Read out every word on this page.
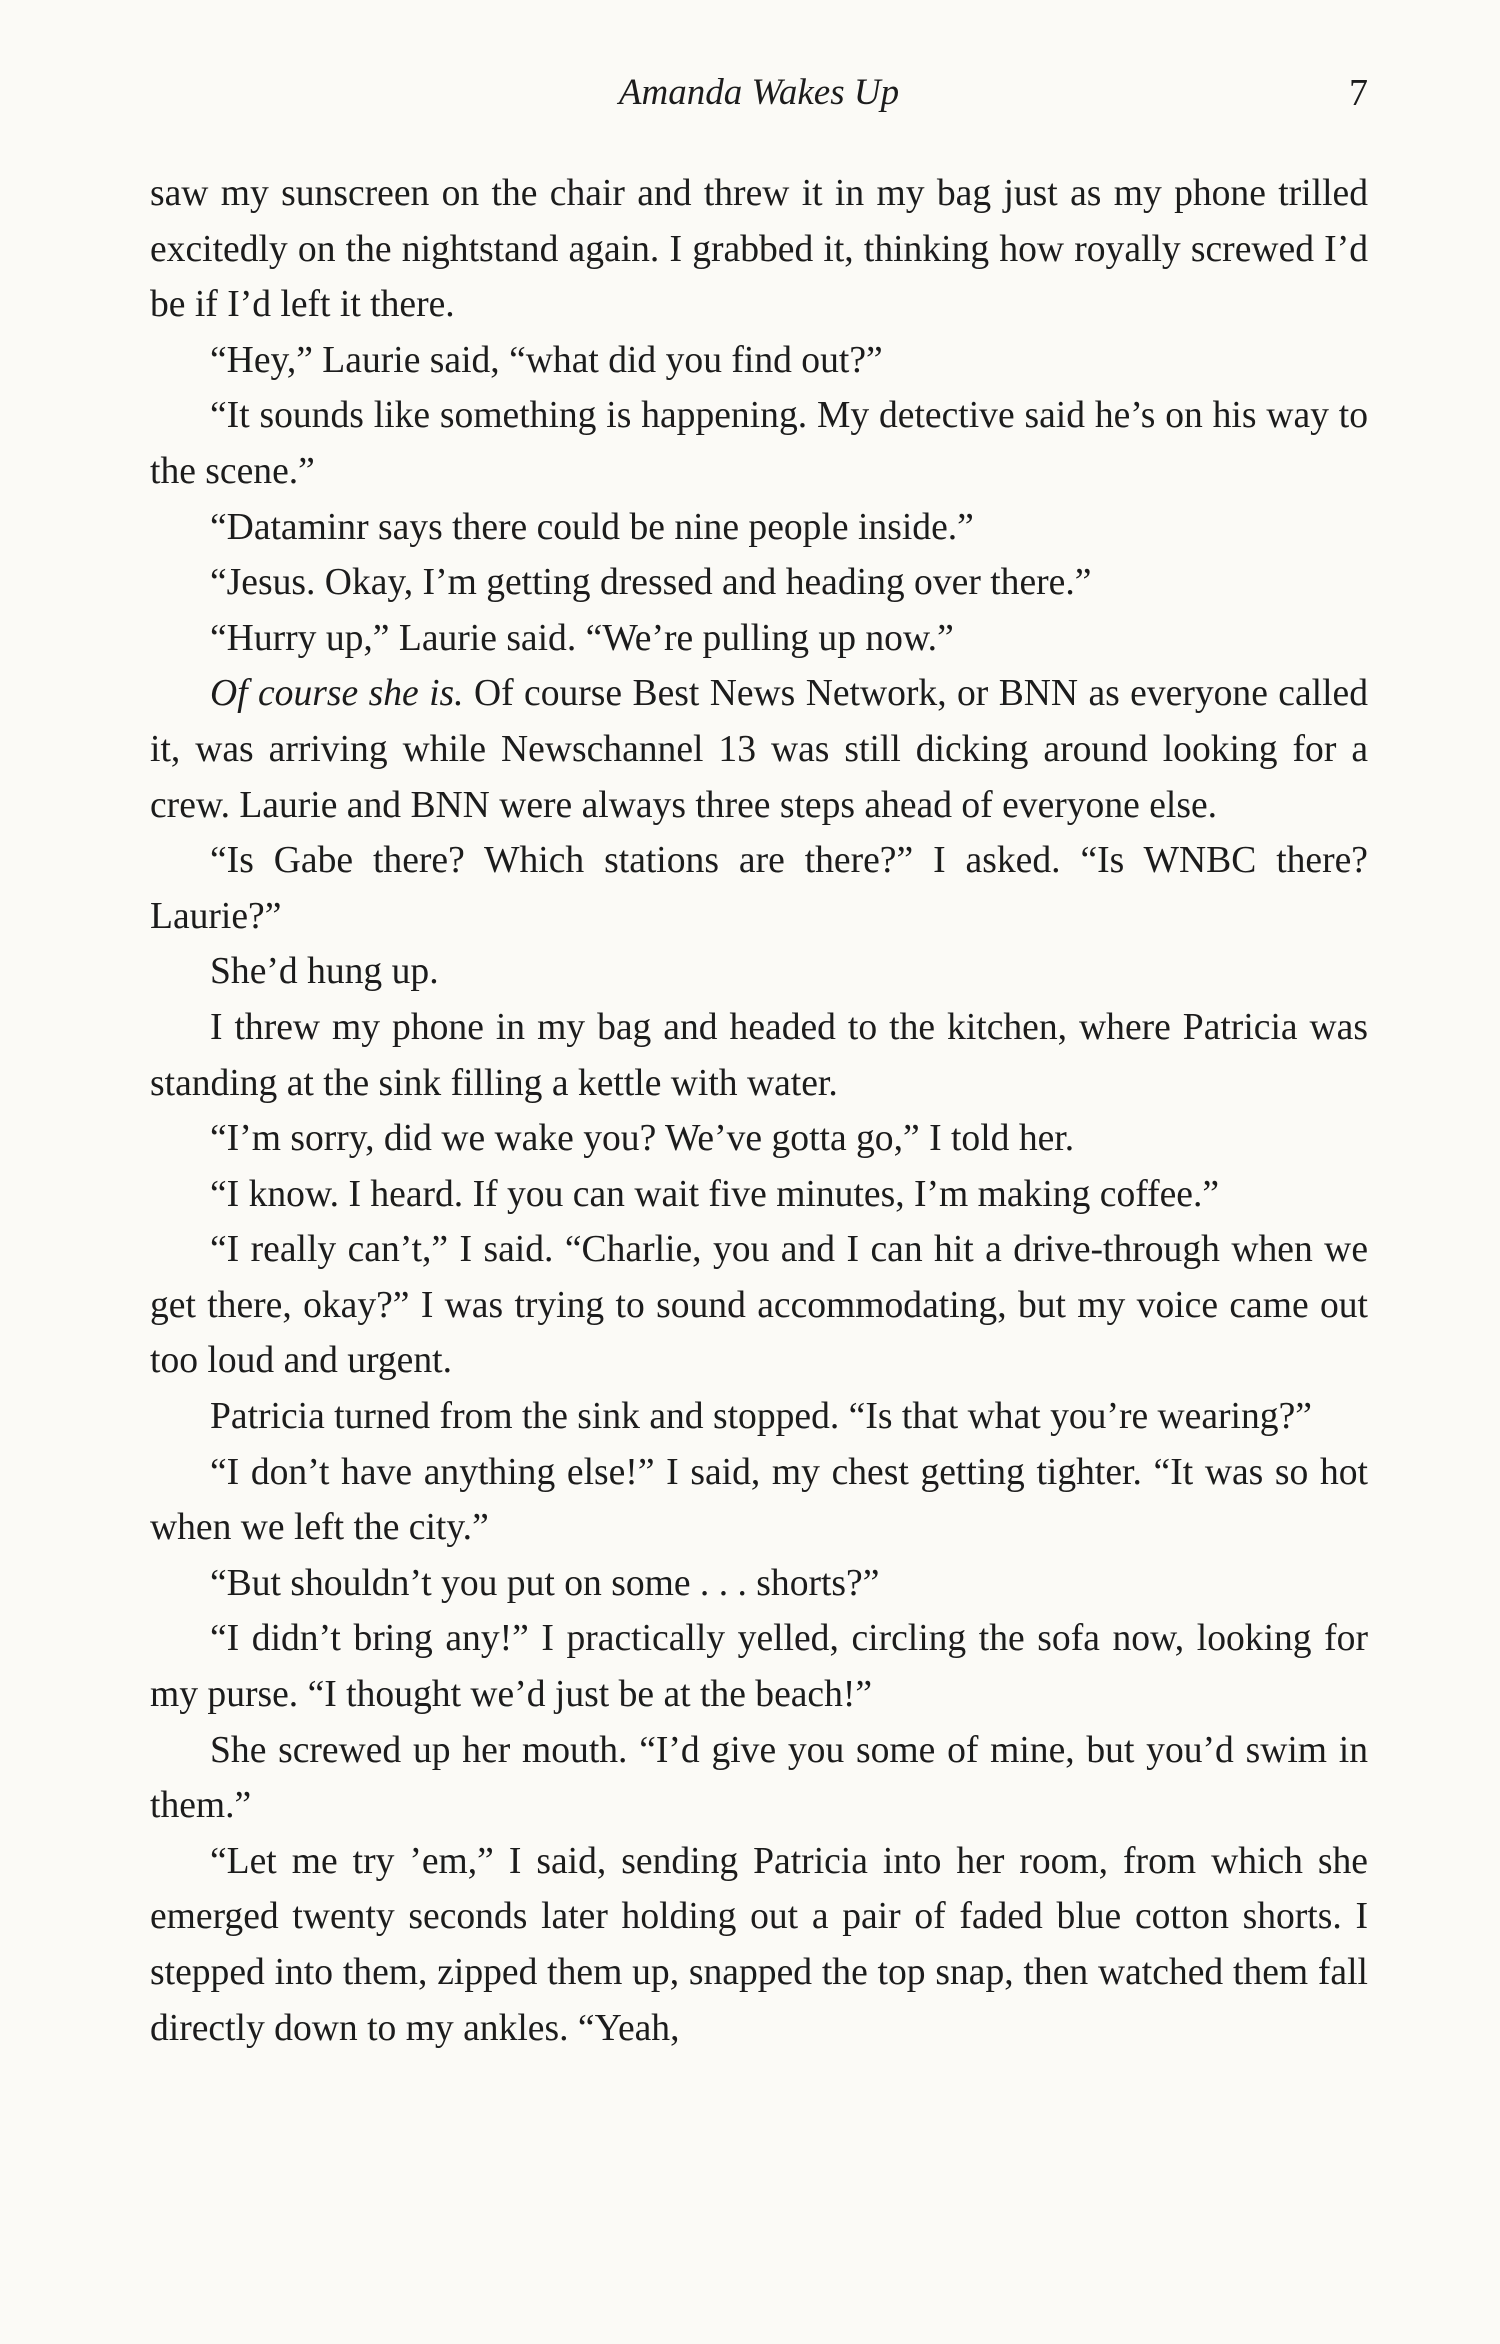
Amanda Wakes Up	7

saw my sunscreen on the chair and threw it in my bag just as my phone trilled excitedly on the nightstand again. I grabbed it, thinking how royally screwed I’d be if I’d left it there.

“Hey,” Laurie said, “what did you find out?”

“It sounds like something is happening. My detective said he’s on his way to the scene.”

“Dataminr says there could be nine people inside.”

“Jesus. Okay, I’m getting dressed and heading over there.”

“Hurry up,” Laurie said. “We’re pulling up now.”

Of course she is. Of course Best News Network, or BNN as everyone called it, was arriving while Newschannel 13 was still dicking around looking for a crew. Laurie and BNN were always three steps ahead of everyone else.

“Is Gabe there? Which stations are there?” I asked. “Is WNBC there? Laurie?”

She’d hung up.

I threw my phone in my bag and headed to the kitchen, where Patricia was standing at the sink filling a kettle with water.

“I’m sorry, did we wake you? We’ve gotta go,” I told her.

“I know. I heard. If you can wait five minutes, I’m making coffee.”

“I really can’t,” I said. “Charlie, you and I can hit a drive-through when we get there, okay?” I was trying to sound accommodating, but my voice came out too loud and urgent.

Patricia turned from the sink and stopped. “Is that what you’re wearing?”

“I don’t have anything else!” I said, my chest getting tighter. “It was so hot when we left the city.”

“But shouldn’t you put on some . . . shorts?”

“I didn’t bring any!” I practically yelled, circling the sofa now, looking for my purse. “I thought we’d just be at the beach!”

She screwed up her mouth. “I’d give you some of mine, but you’d swim in them.”

“Let me try ’em,” I said, sending Patricia into her room, from which she emerged twenty seconds later holding out a pair of faded blue cotton shorts. I stepped into them, zipped them up, snapped the top snap, then watched them fall directly down to my ankles. “Yeah,
